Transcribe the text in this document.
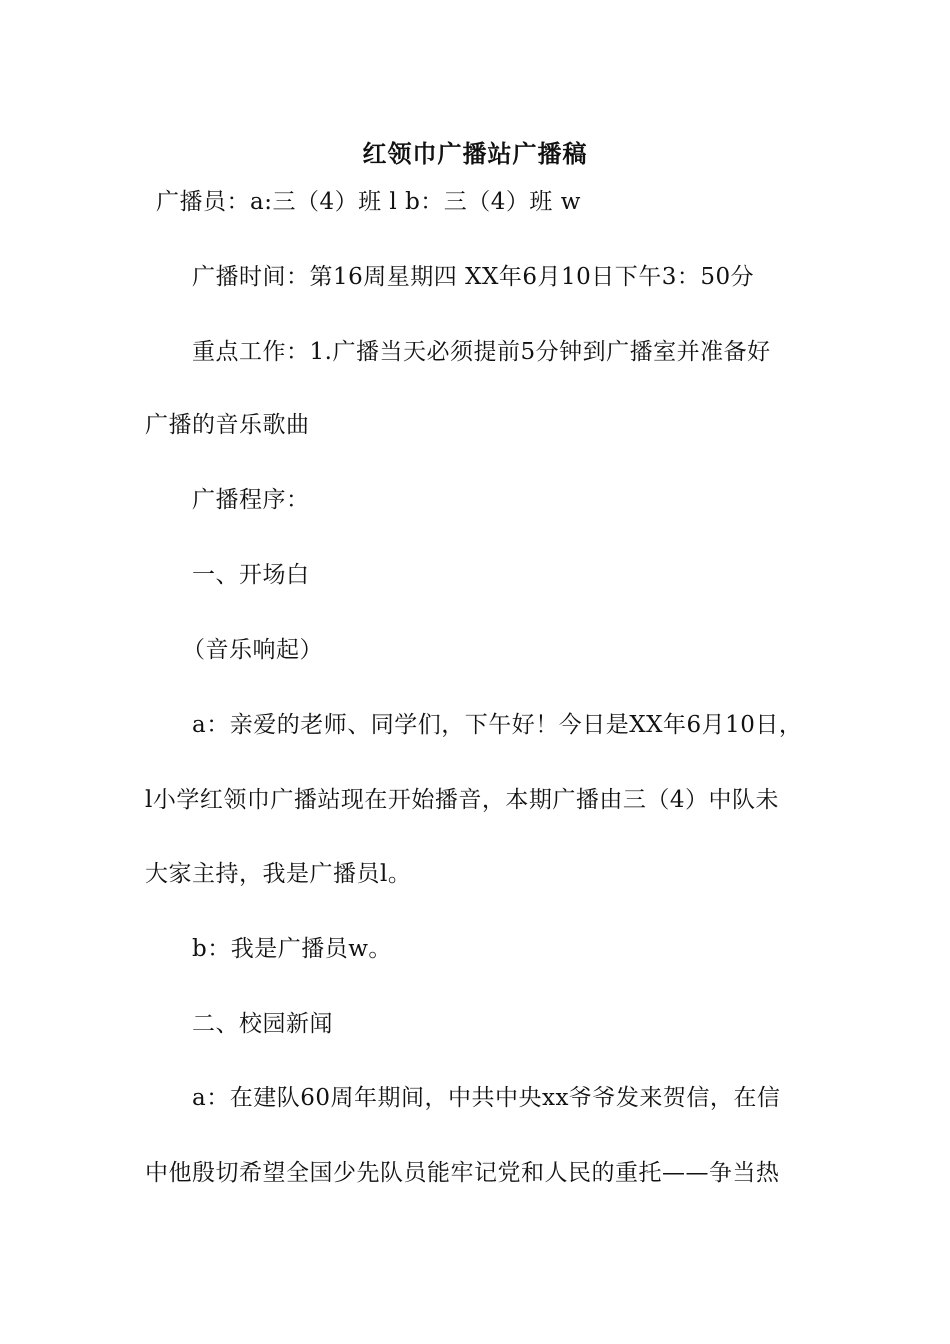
红领巾广播站广播稿
广播员：a:三（4）班 l b：三（4）班 w
广播时间：第16周星期四 XX年6月10日下午3：50分
重点工作：1.广播当天必须提前5分钟到广播室并准备好
广播的音乐歌曲
广播程序：
一、开场白
（音乐响起）
a：亲爱的老师、同学们，下午好！今日是XX年6月10日，
l小学红领巾广播站现在开始播音，本期广播由三（4）中队未
大家主持，我是广播员l。
b：我是广播员w。
二、校园新闻
a：在建队60周年期间，中共中央xx爷爷发来贺信，在信
中他殷切希望全国少先队员能牢记党和人民的重托——争当热
